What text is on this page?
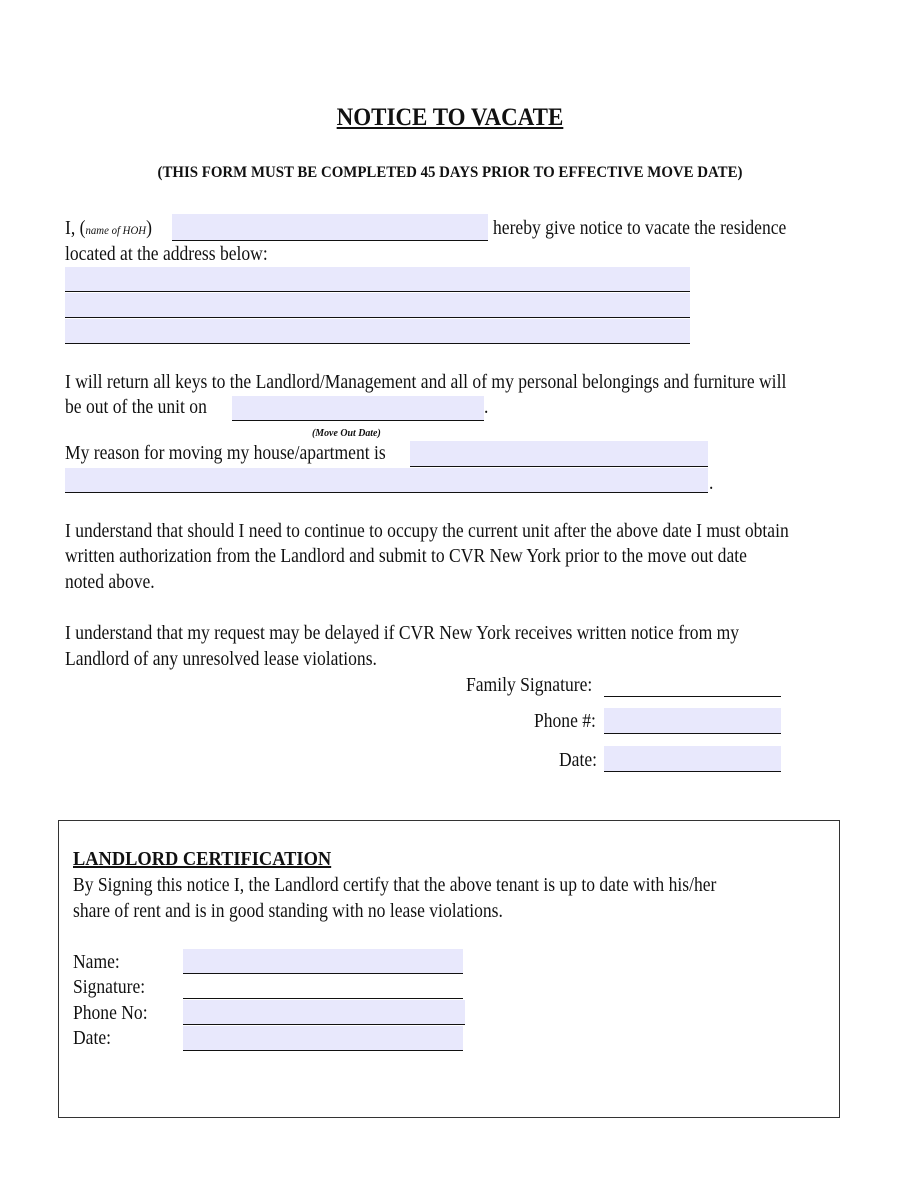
NOTICE TO VACATE
(THIS FORM MUST BE COMPLETED 45 DAYS PRIOR TO EFFECTIVE MOVE DATE)
I, (name of HOH)	hereby give notice to vacate the residence
located at the address below:
I will return all keys to the Landlord/Management and all of my personal belongings and furniture will
be out of the unit on	.
(Move Out Date)
My reason for moving my house/apartment is
.
I understand that should I need to continue to occupy the current unit after the above date I must obtain
written authorization from the Landlord and submit to CVR New York prior to the move out date
noted above.
I understand that my request may be delayed if CVR New York receives written notice from my
Landlord of any unresolved lease violations.
Family Signature:
Phone #:
Date:
LANDLORD CERTIFICATION
By Signing this notice I, the Landlord certify that the above tenant is up to date with his/her
share of rent and is in good standing with no lease violations.
Name:
Signature:
Phone No:
Date:
